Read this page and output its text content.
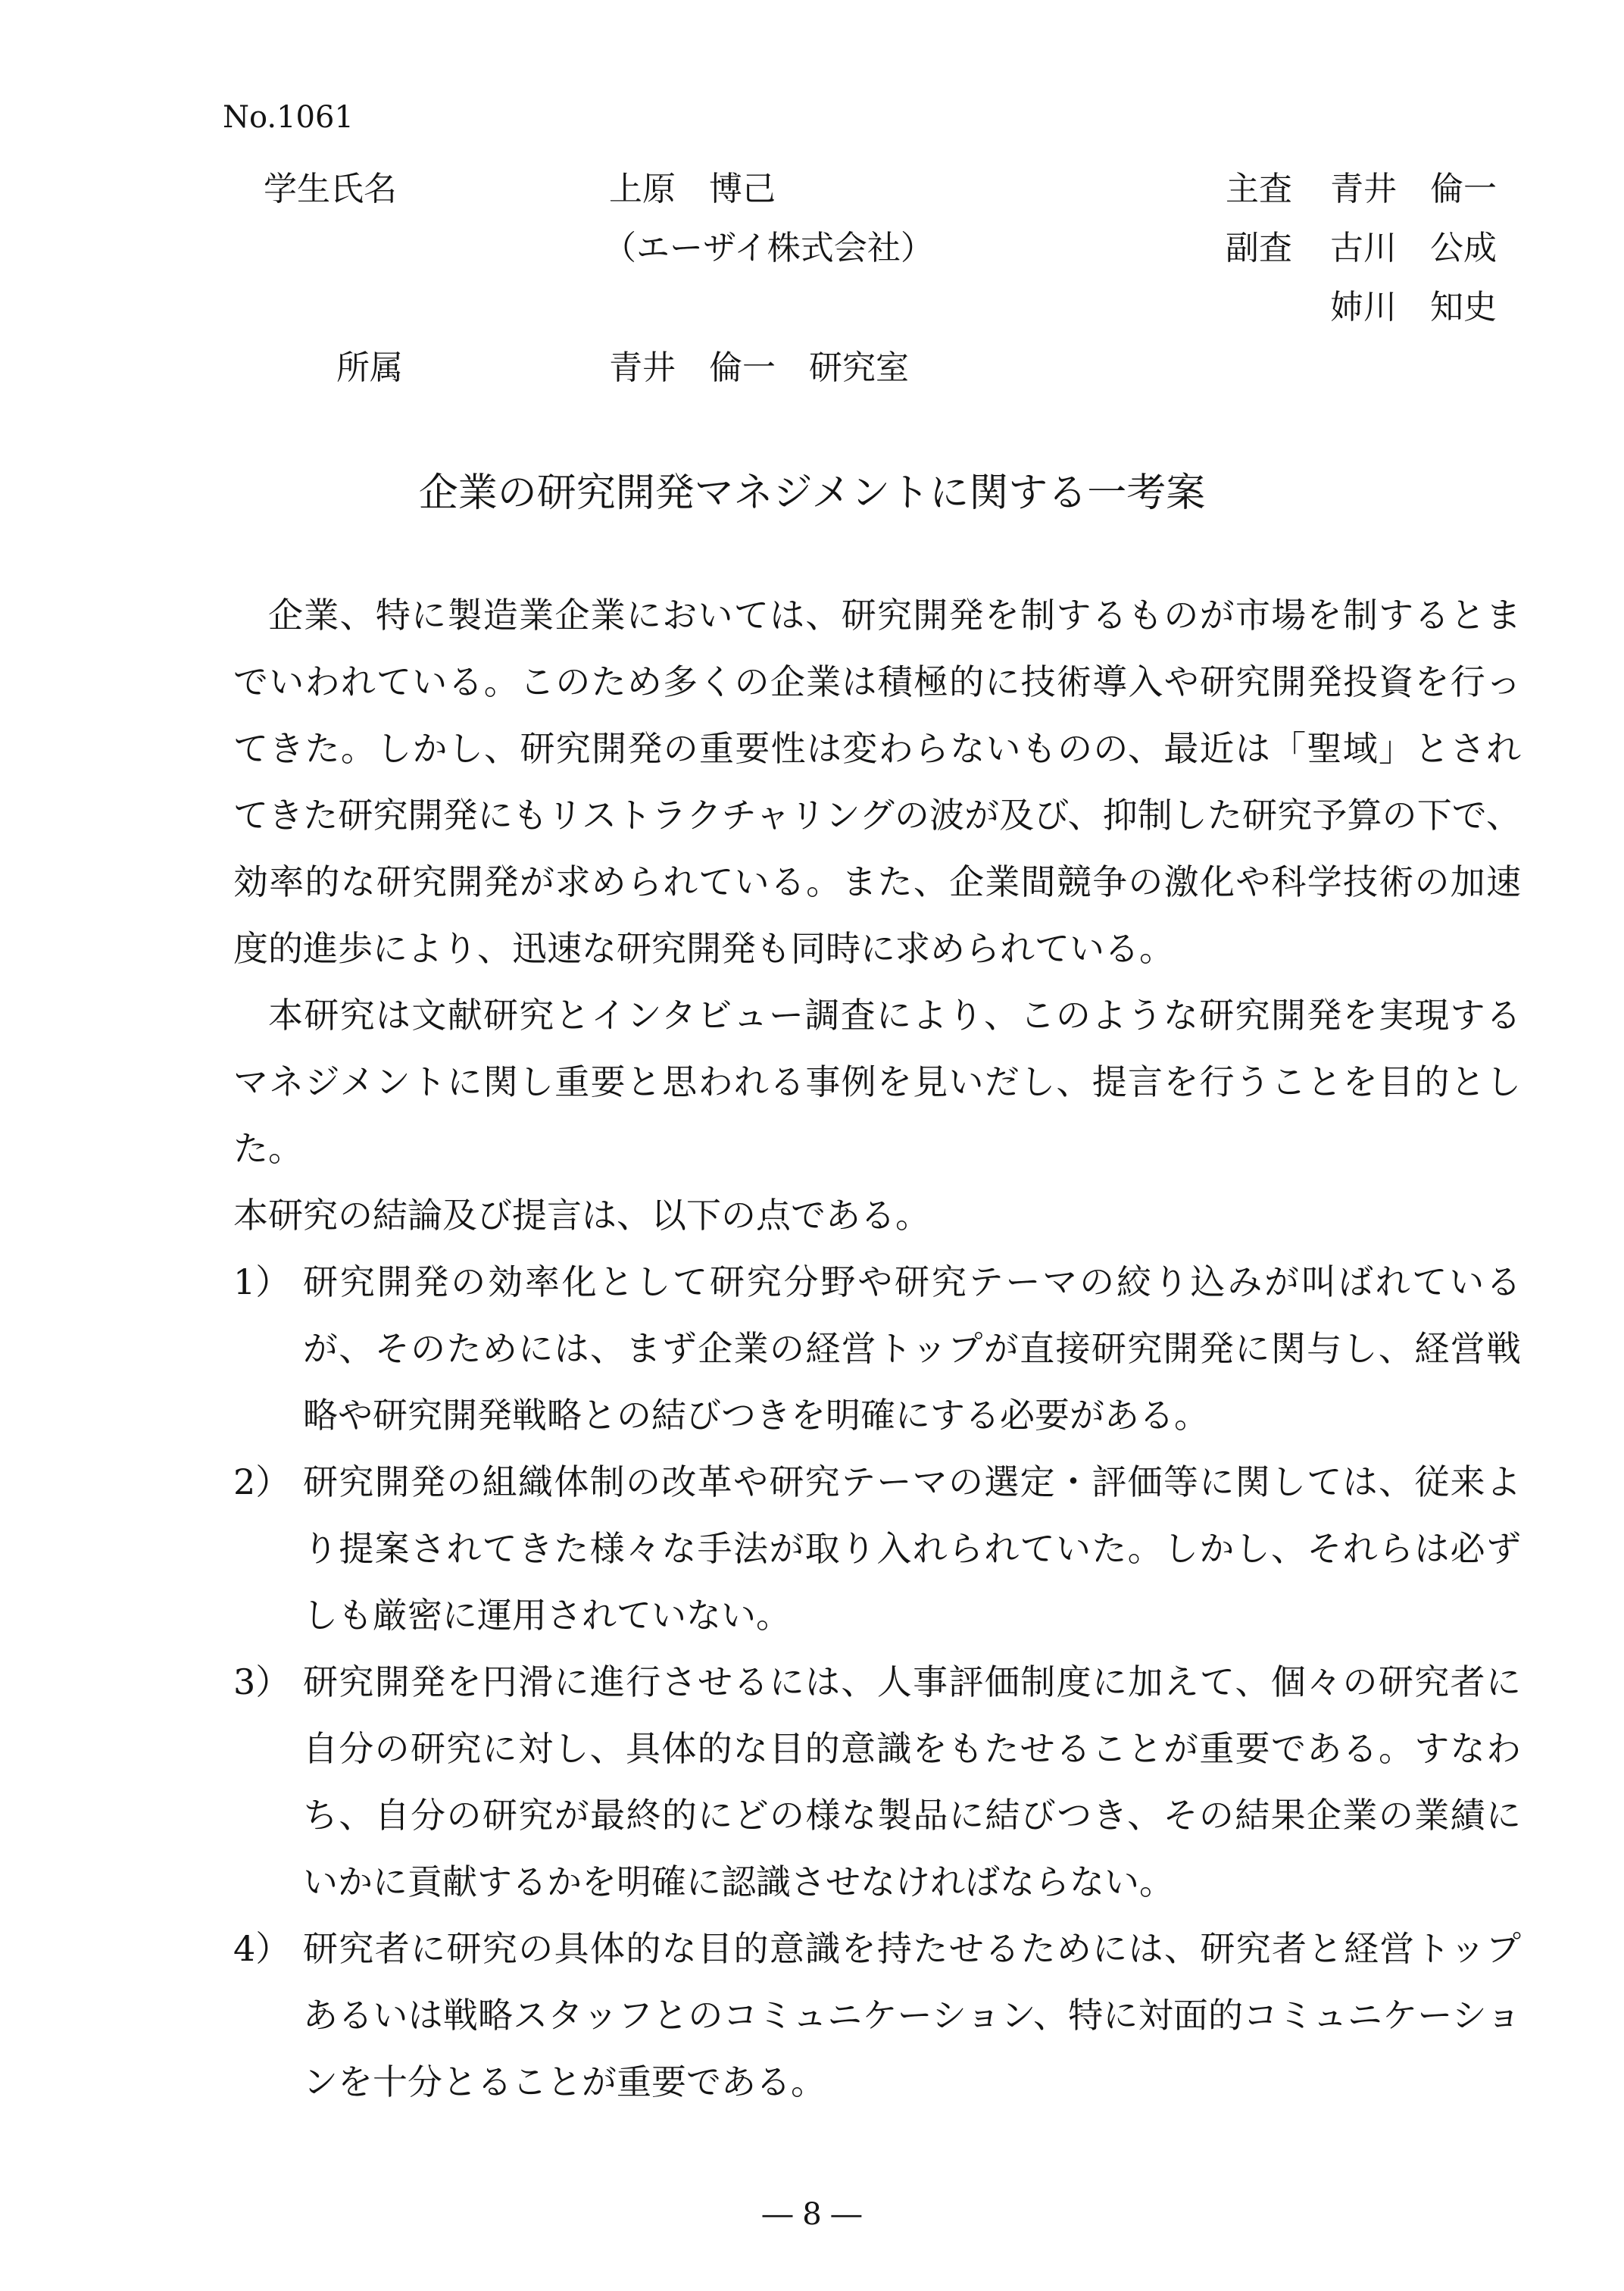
No.1061
学生氏名	上原　博己
（エーザイ株式会社）
所属	青井　倫一　研究室
主査 青井　倫一
副査 古川　公成
姉川　知史
企業の研究開発マネジメントに関する一考案

企業、特に製造業企業においては、研究開発を制するものが市場を制するとまでいわれている。このため多くの企業は積極的に技術導入や研究開発投資を行ってきた。しかし、研究開発の重要性は変わらないものの、最近は「聖域」とされてきた研究開発にもリストラクチャリングの波が及び、抑制した研究予算の下で、効率的な研究開発が求められている。また、企業間競争の激化や科学技術の加速度的進歩により、迅速な研究開発も同時に求められている。

本研究は文献研究とインタビュー調査により、このような研究開発を実現するマネジメントに関し重要と思われる事例を見いだし、提言を行うことを目的とした。

本研究の結論及び提言は、以下の点である。

1） 研究開発の効率化として研究分野や研究テーマの絞り込みが叫ばれているが、そのためには、まず企業の経営トップが直接研究開発に関与し、経営戦略や研究開発戦略との結びつきを明確にする必要がある。
2） 研究開発の組織体制の改革や研究テーマの選定・評価等に関しては、従来より提案されてきた様々な手法が取り入れられていた。しかし、それらは必ずしも厳密に運用されていない。
3） 研究開発を円滑に進行させるには、人事評価制度に加えて、個々の研究者に自分の研究に対し、具体的な目的意識をもたせることが重要である。すなわち、自分の研究が最終的にどの様な製品に結びつき、その結果企業の業績にいかに貢献するかを明確に認識させなければならない。
4） 研究者に研究の具体的な目的意識を持たせるためには、研究者と経営トップあるいは戦略スタッフとのコミュニケーション、特に対面的コミュニケーションを十分とることが重要である。
― 8 ―
